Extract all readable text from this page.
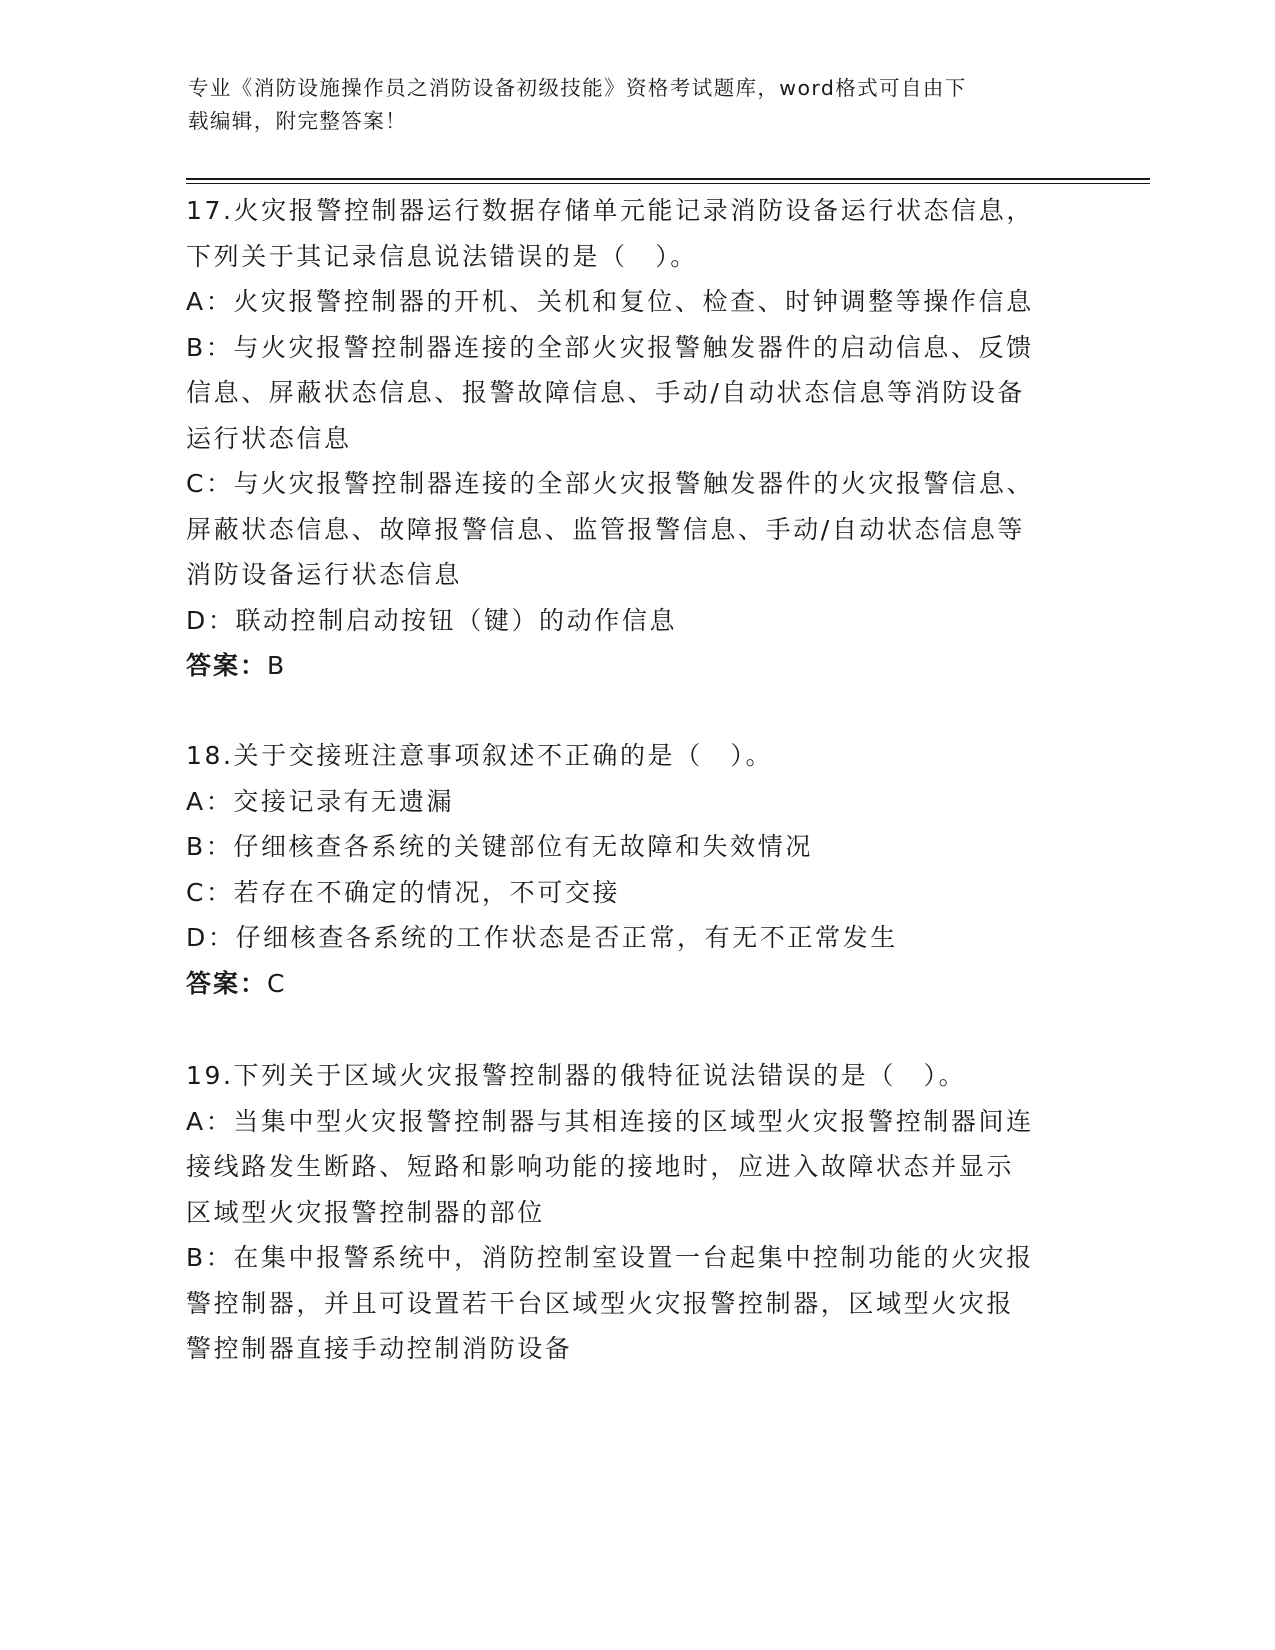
专业《消防设施操作员之消防设备初级技能》资格考试题库，word格式可自由下
载编辑，附完整答案！

17.火灾报警控制器运行数据存储单元能记录消防设备运行状态信息，

下列关于其记录信息说法错误的是（　）。

A：火灾报警控制器的开机、关机和复位、检查、时钟调整等操作信息

B：与火灾报警控制器连接的全部火灾报警触发器件的启动信息、反馈

信息、屏蔽状态信息、报警故障信息、手动/自动状态信息等消防设备

运行状态信息

C：与火灾报警控制器连接的全部火灾报警触发器件的火灾报警信息、

屏蔽状态信息、故障报警信息、监管报警信息、手动/自动状态信息等

消防设备运行状态信息

D：联动控制启动按钮（键）的动作信息

答案：B

18.关于交接班注意事项叙述不正确的是（　）。

A：交接记录有无遗漏

B：仔细核查各系统的关键部位有无故障和失效情况

C：若存在不确定的情况，不可交接

D：仔细核查各系统的工作状态是否正常，有无不正常发生

答案：C

19.下列关于区域火灾报警控制器的俄特征说法错误的是（　）。

A：当集中型火灾报警控制器与其相连接的区域型火灾报警控制器间连

接线路发生断路、短路和影响功能的接地时，应进入故障状态并显示

区域型火灾报警控制器的部位

B：在集中报警系统中，消防控制室设置一台起集中控制功能的火灾报

警控制器，并且可设置若干台区域型火灾报警控制器，区域型火灾报

警控制器直接手动控制消防设备
